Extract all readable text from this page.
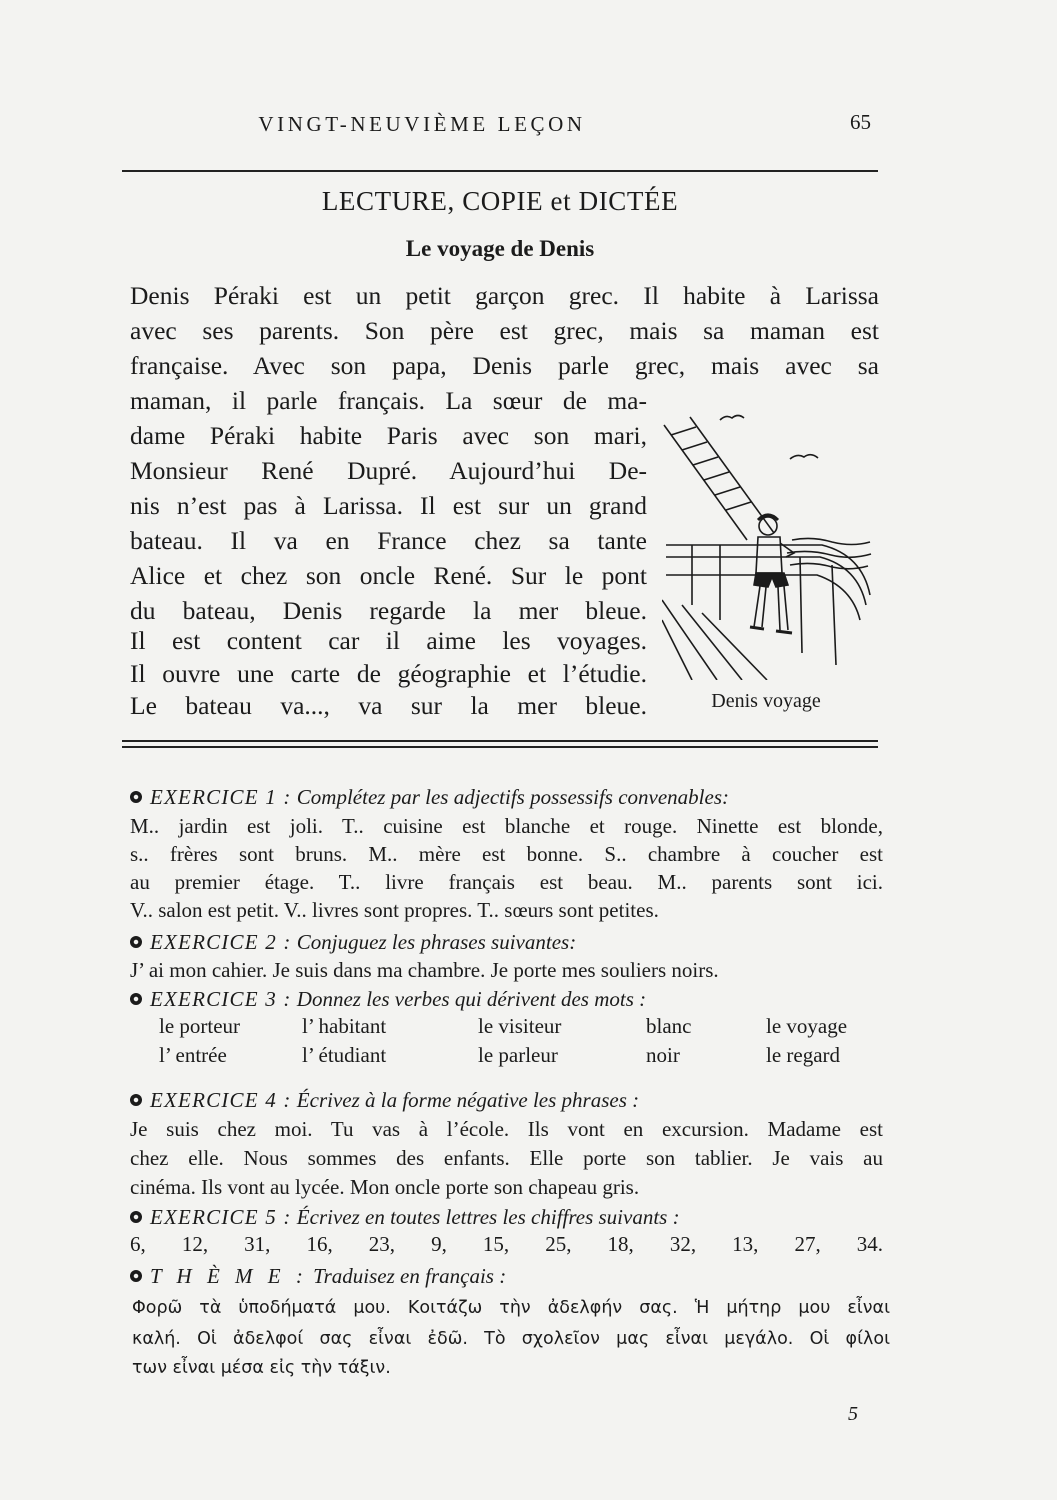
VINGT-NEUVIÈME LEÇON	65
LECTURE, COPIE et DICTÉE
Le voyage de Denis
Denis Péraki est un petit garçon grec. Il habite à Larissa
avec ses parents. Son père est grec, mais sa maman est
française. Avec son papa, Denis parle grec, mais avec sa
maman, il parle français. La sœur de ma-
dame Péraki habite Paris avec son mari,
Monsieur René Dupré. Aujourd’hui De-
nis n’est pas à Larissa. Il est sur un grand
bateau. Il va en France chez sa tante
Alice et chez son oncle René. Sur le pont
du bateau, Denis regarde la mer bleue.
Il est content car il aime les voyages.
Il ouvre une carte de géographie et l’étudie.
Le bateau va..., va sur la mer bleue.	Denis voyage
EXERCICE 1 : Complétez par les adjectifs possessifs convenables:
M.. jardin est joli. T.. cuisine est blanche et rouge. Ninette est blonde,
s.. frères sont bruns. M.. mère est bonne. S.. chambre à coucher est
au premier étage. T.. livre français est beau. M.. parents sont ici.
V.. salon est petit. V.. livres sont propres. T.. sœurs sont petites.
EXERCICE 2 : Conjuguez les phrases suivantes:
J’ ai mon cahier. Je suis dans ma chambre. Je porte mes souliers noirs.
EXERCICE 3 : Donnez les verbes qui dérivent des mots :
le porteur	l’ habitant	le visiteur	blanc	le voyage
l’ entrée	l’ étudiant	le parleur	noir	le regard
EXERCICE 4 : Écrivez à la forme négative les phrases :
Je suis chez moi. Tu vas à l’école. Ils vont en excursion. Madame est
chez elle. Nous sommes des enfants. Elle porte son tablier. Je vais au
cinéma. Ils vont au lycée. Mon oncle porte son chapeau gris.
EXERCICE 5 : Écrivez en toutes lettres les chiffres suivants :
6, 12, 31, 16, 23, 9, 15, 25, 18, 32, 13, 27, 34.
T H È M E : Traduisez en français :
Φορῶ τὰ ὑποδήματά μου. Κοιτάζω τὴν ἀδελφήν σας. Ἡ μήτηρ μου εἶναι
καλή. Οἱ ἀδελφοί σας εἶναι ἐδῶ. Τὸ σχολεῖον μας εἶναι μεγάλο. Οἱ φίλοι
των εἶναι μέσα εἰς τὴν τάξιν.
5
